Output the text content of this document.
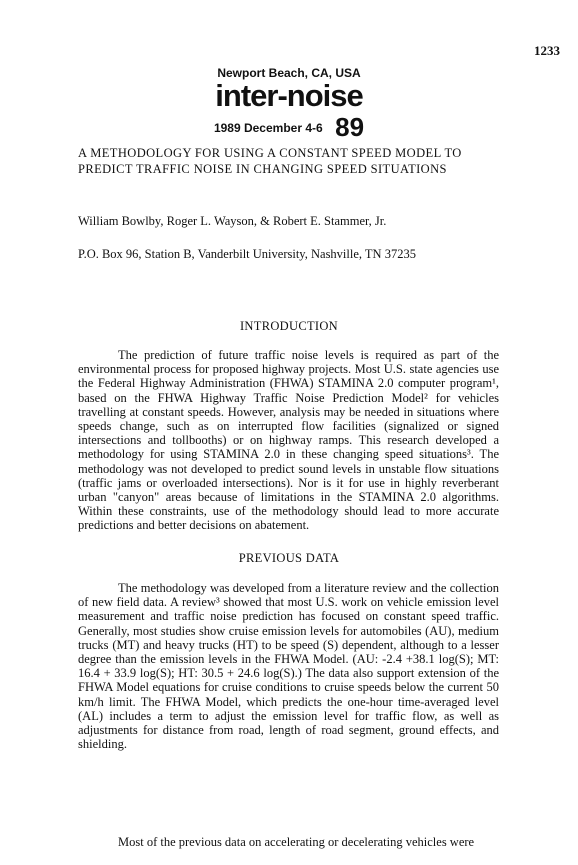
1233
Newport Beach, CA, USA
inter-noise
1989 December 4-6 89
A METHODOLOGY FOR USING A CONSTANT SPEED MODEL TO PREDICT TRAFFIC NOISE IN CHANGING SPEED SITUATIONS
William Bowlby, Roger L. Wayson, & Robert E. Stammer, Jr.
P.O. Box 96, Station B, Vanderbilt University, Nashville, TN 37235
INTRODUCTION
The prediction of future traffic noise levels is required as part of the environmental process for proposed highway projects. Most U.S. state agencies use the Federal Highway Administration (FHWA) STAMINA 2.0 computer program¹, based on the FHWA Highway Traffic Noise Prediction Model² for vehicles travelling at constant speeds. However, analysis may be needed in situations where speeds change, such as on interrupted flow facilities (signalized or signed intersections and tollbooths) or on highway ramps. This research developed a methodology for using STAMINA 2.0 in these changing speed situations³. The methodology was not developed to predict sound levels in unstable flow situations (traffic jams or overloaded intersections). Nor is it for use in highly reverberant urban "canyon" areas because of limitations in the STAMINA 2.0 algorithms. Within these constraints, use of the methodology should lead to more accurate predictions and better decisions on abatement.
PREVIOUS DATA
The methodology was developed from a literature review and the collection of new field data. A review³ showed that most U.S. work on vehicle emission level measurement and traffic noise prediction has focused on constant speed traffic. Generally, most studies show cruise emission levels for automobiles (AU), medium trucks (MT) and heavy trucks (HT) to be speed (S) dependent, although to a lesser degree than the emission levels in the FHWA Model. (AU: -2.4 +38.1 log(S); MT: 16.4 + 33.9 log(S); HT: 30.5 + 24.6 log(S).) The data also support extension of the FHWA Model equations for cruise conditions to cruise speeds below the current 50 km/h limit. The FHWA Model, which predicts the one-hour time-averaged level (AL) includes a term to adjust the emission level for traffic flow, as well as adjustments for distance from road, length of road segment, ground effects, and shielding.
Most of the previous data on accelerating or decelerating vehicles were
